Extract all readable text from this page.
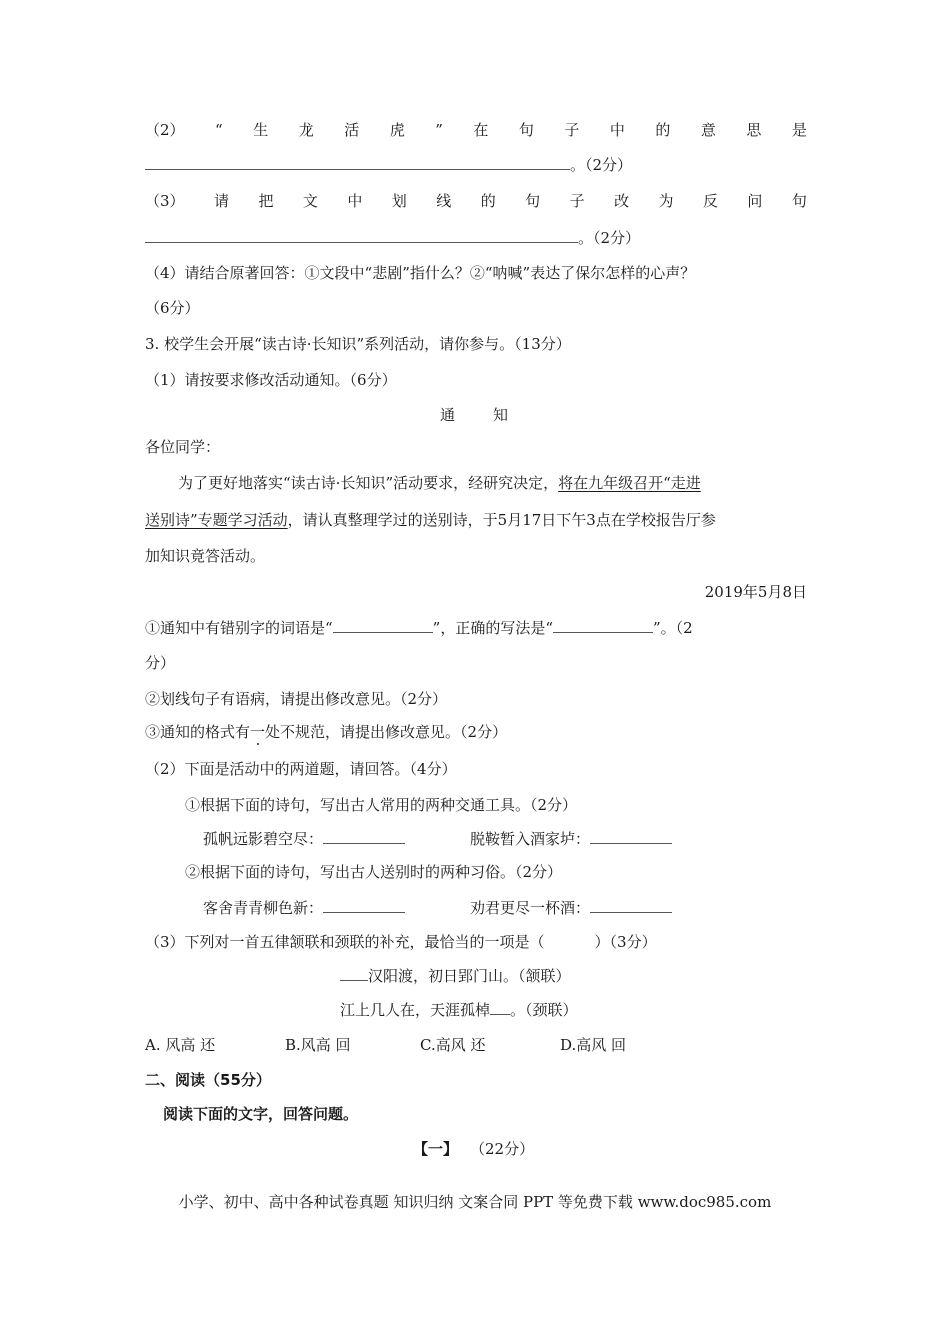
（2） “ 生 龙 活 虎 ” 在 句 子 中 的 意 思 是
。（2分）
（3） 请 把 文 中 划 线 的 句 子 改 为 反 问 句
。（2分）
（4）请结合原著回答：①文段中“悲剧”指什么？②“呐喊”表达了保尔怎样的心声？
（6分）
3. 校学生会开展“读古诗·长知识”系列活动，请你参与。（13分）
（1）请按要求修改活动通知。（6分）
通	知
各位同学：
为了更好地落实“读古诗·长知识”活动要求，经研究决定，将在九年级召开“走进
送别诗”专题学习活动，请认真整理学过的送别诗，于5月17日下午3点在学校报告厅参
加知识竟答活动。
2019年5月8日
①通知中有错别字的词语是“	”，正确的写法是“	”。（2
分）
②划线句子有语病，请提出修改意见。（2分）
③通知的格式有一处不规范，请提出修改意见。（2分）
（2）下面是活动中的两道题，请回答。（4分）
①根据下面的诗句，写出古人常用的两种交通工具。（2分）
孤帆远影碧空尽：	脱鞍暂入酒家垆：
②根据下面的诗句，写出古人送别时的两种习俗。（2分）
客舍青青柳色新：	劝君更尽一杯酒：
（3）下列对一首五律颔联和颈联的补充，最恰当的一项是（	）（3分）
汉阳渡，初日郢门山。（颔联）
江上几人在，天涯孤棹 。（颈联）
A. 风高 还	B.风高 回	C.高风 还	D.高风 回
二、阅读（55分）
阅读下面的文字，回答问题。
【一】 （22分）
小学、初中、高中各种试卷真题 知识归纳 文案合同 PPT 等免费下载 www.doc985.com
